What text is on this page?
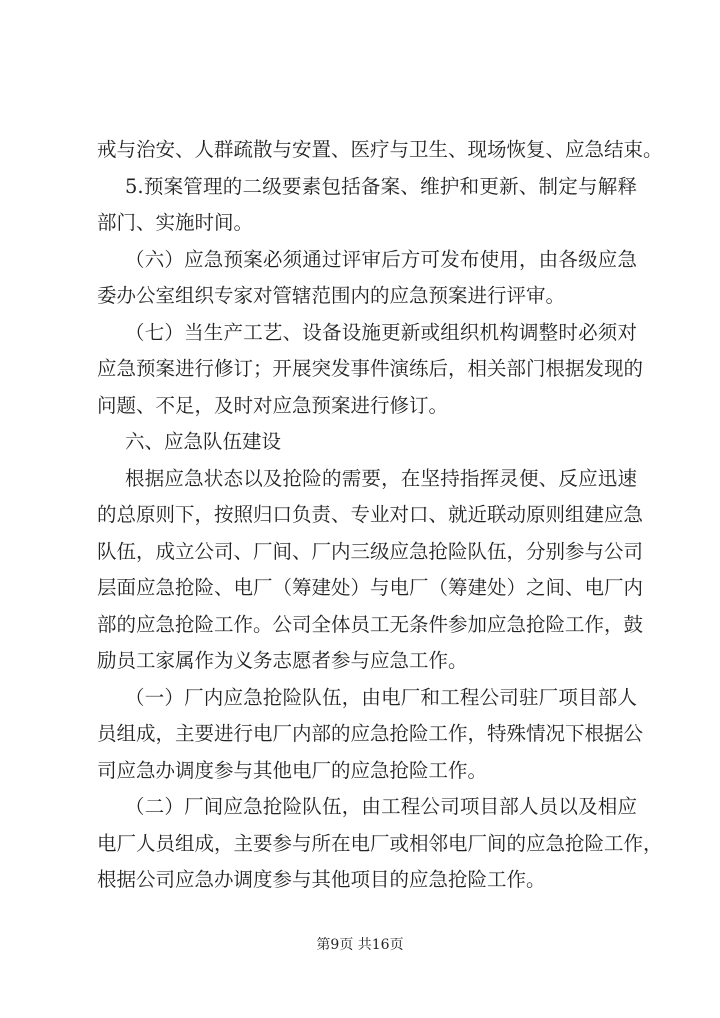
戒与治安、人群疏散与安置、医疗与卫生、现场恢复、应急结束。
5.预案管理的二级要素包括备案、维护和更新、制定与解释
部门、实施时间。
（六）应急预案必须通过评审后方可发布使用，由各级应急
委办公室组织专家对管辖范围内的应急预案进行评审。
（七）当生产工艺、设备设施更新或组织机构调整时必须对
应急预案进行修订；开展突发事件演练后，相关部门根据发现的
问题、不足，及时对应急预案进行修订。
六、应急队伍建设
根据应急状态以及抢险的需要，在坚持指挥灵便、反应迅速
的总原则下，按照归口负责、专业对口、就近联动原则组建应急
队伍，成立公司、厂间、厂内三级应急抢险队伍，分别参与公司
层面应急抢险、电厂（筹建处）与电厂（筹建处）之间、电厂内
部的应急抢险工作。公司全体员工无条件参加应急抢险工作，鼓
励员工家属作为义务志愿者参与应急工作。
（一）厂内应急抢险队伍，由电厂和工程公司驻厂项目部人
员组成，主要进行电厂内部的应急抢险工作，特殊情况下根据公
司应急办调度参与其他电厂的应急抢险工作。
（二）厂间应急抢险队伍，由工程公司项目部人员以及相应
电厂人员组成，主要参与所在电厂或相邻电厂间的应急抢险工作，
根据公司应急办调度参与其他项目的应急抢险工作。
第9页 共16页
